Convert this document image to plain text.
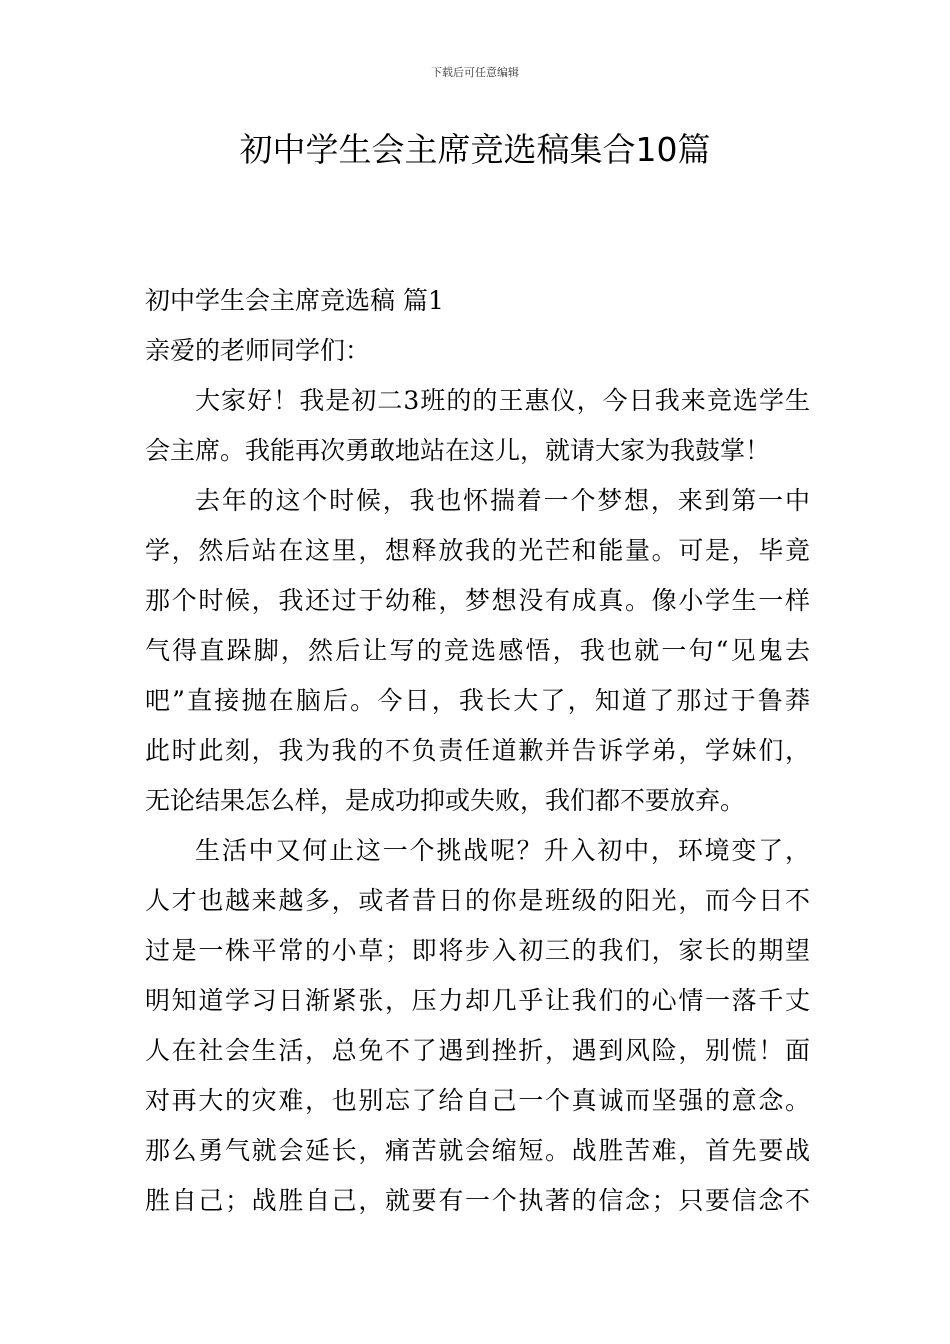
下载后可任意编辑
初中学生会主席竞选稿集合10篇
初中学生会主席竞选稿 篇1
亲爱的老师同学们：
大家好！我是初二3班的的王惠仪，今日我来竞选学生
会主席。我能再次勇敢地站在这儿，就请大家为我鼓掌！
去年的这个时候，我也怀揣着一个梦想，来到第一中
学，然后站在这里，想释放我的光芒和能量。可是，毕竟
那个时候，我还过于幼稚，梦想没有成真。像小学生一样
气得直跺脚，然后让写的竞选感悟，我也就一句“见鬼去
吧”直接抛在脑后。今日，我长大了，知道了那过于鲁莽
此时此刻，我为我的不负责任道歉并告诉学弟，学妹们，
无论结果怎么样，是成功抑或失败，我们都不要放弃。
生活中又何止这一个挑战呢？升入初中，环境变了，
人才也越来越多，或者昔日的你是班级的阳光，而今日不
过是一株平常的小草；即将步入初三的我们，家长的期望
明知道学习日渐紧张，压力却几乎让我们的心情一落千丈
人在社会生活，总免不了遇到挫折，遇到风险，别慌！面
对再大的灾难，也别忘了给自己一个真诚而坚强的意念。
那么勇气就会延长，痛苦就会缩短。战胜苦难，首先要战
胜自己；战胜自己，就要有一个执著的信念；只要信念不
